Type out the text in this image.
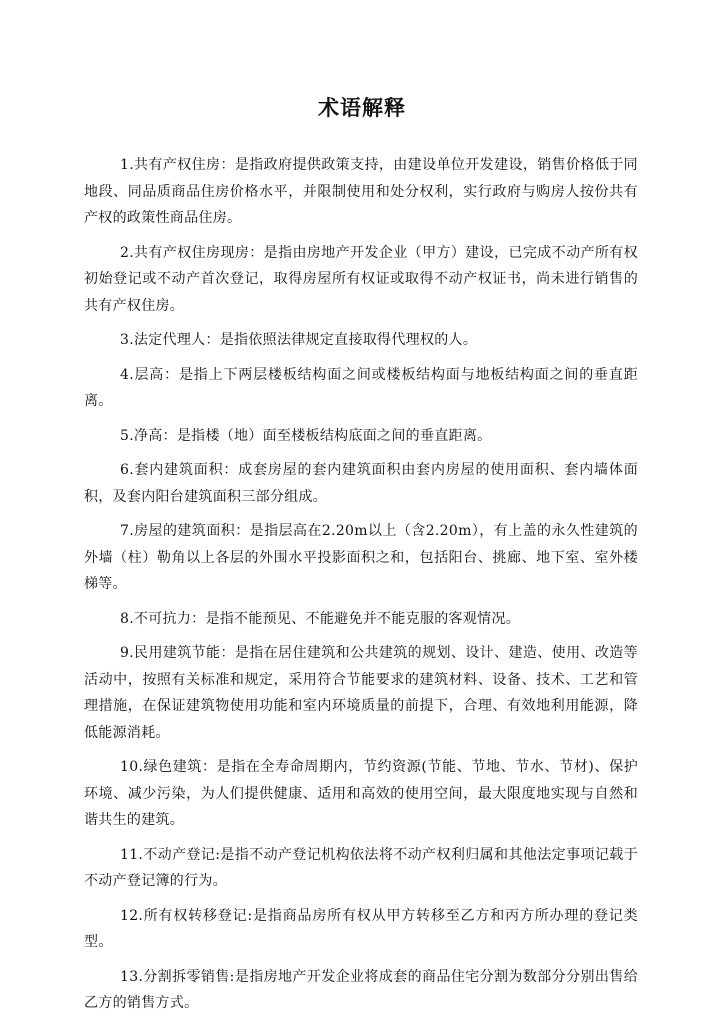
术语解释
1.共有产权住房：是指政府提供政策支持，由建设单位开发建设，销售价格低于同地段、同品质商品住房价格水平，并限制使用和处分权利，实行政府与购房人按份共有产权的政策性商品住房。
2.共有产权住房现房：是指由房地产开发企业（甲方）建设，已完成不动产所有权初始登记或不动产首次登记，取得房屋所有权证或取得不动产权证书，尚未进行销售的共有产权住房。
3.法定代理人：是指依照法律规定直接取得代理权的人。
4.层高：是指上下两层楼板结构面之间或楼板结构面与地板结构面之间的垂直距离。
5.净高：是指楼（地）面至楼板结构底面之间的垂直距离。
6.套内建筑面积：成套房屋的套内建筑面积由套内房屋的使用面积、套内墙体面积，及套内阳台建筑面积三部分组成。
7.房屋的建筑面积：是指层高在2.20m以上（含2.20m），有上盖的永久性建筑的外墙（柱）勒角以上各层的外围水平投影面积之和，包括阳台、挑廊、地下室、室外楼梯等。
8.不可抗力：是指不能预见、不能避免并不能克服的客观情况。
9.民用建筑节能：是指在居住建筑和公共建筑的规划、设计、建造、使用、改造等活动中，按照有关标准和规定，采用符合节能要求的建筑材料、设备、技术、工艺和管理措施，在保证建筑物使用功能和室内环境质量的前提下，合理、有效地利用能源，降低能源消耗。
10.绿色建筑：是指在全寿命周期内，节约资源(节能、节地、节水、节材)、保护环境、减少污染，为人们提供健康、适用和高效的使用空间，最大限度地实现与自然和谐共生的建筑。
11.不动产登记:是指不动产登记机构依法将不动产权利归属和其他法定事项记载于不动产登记簿的行为。
12.所有权转移登记:是指商品房所有权从甲方转移至乙方和丙方所办理的登记类型。
13.分割拆零销售:是指房地产开发企业将成套的商品住宅分割为数部分分别出售给乙方的销售方式。
